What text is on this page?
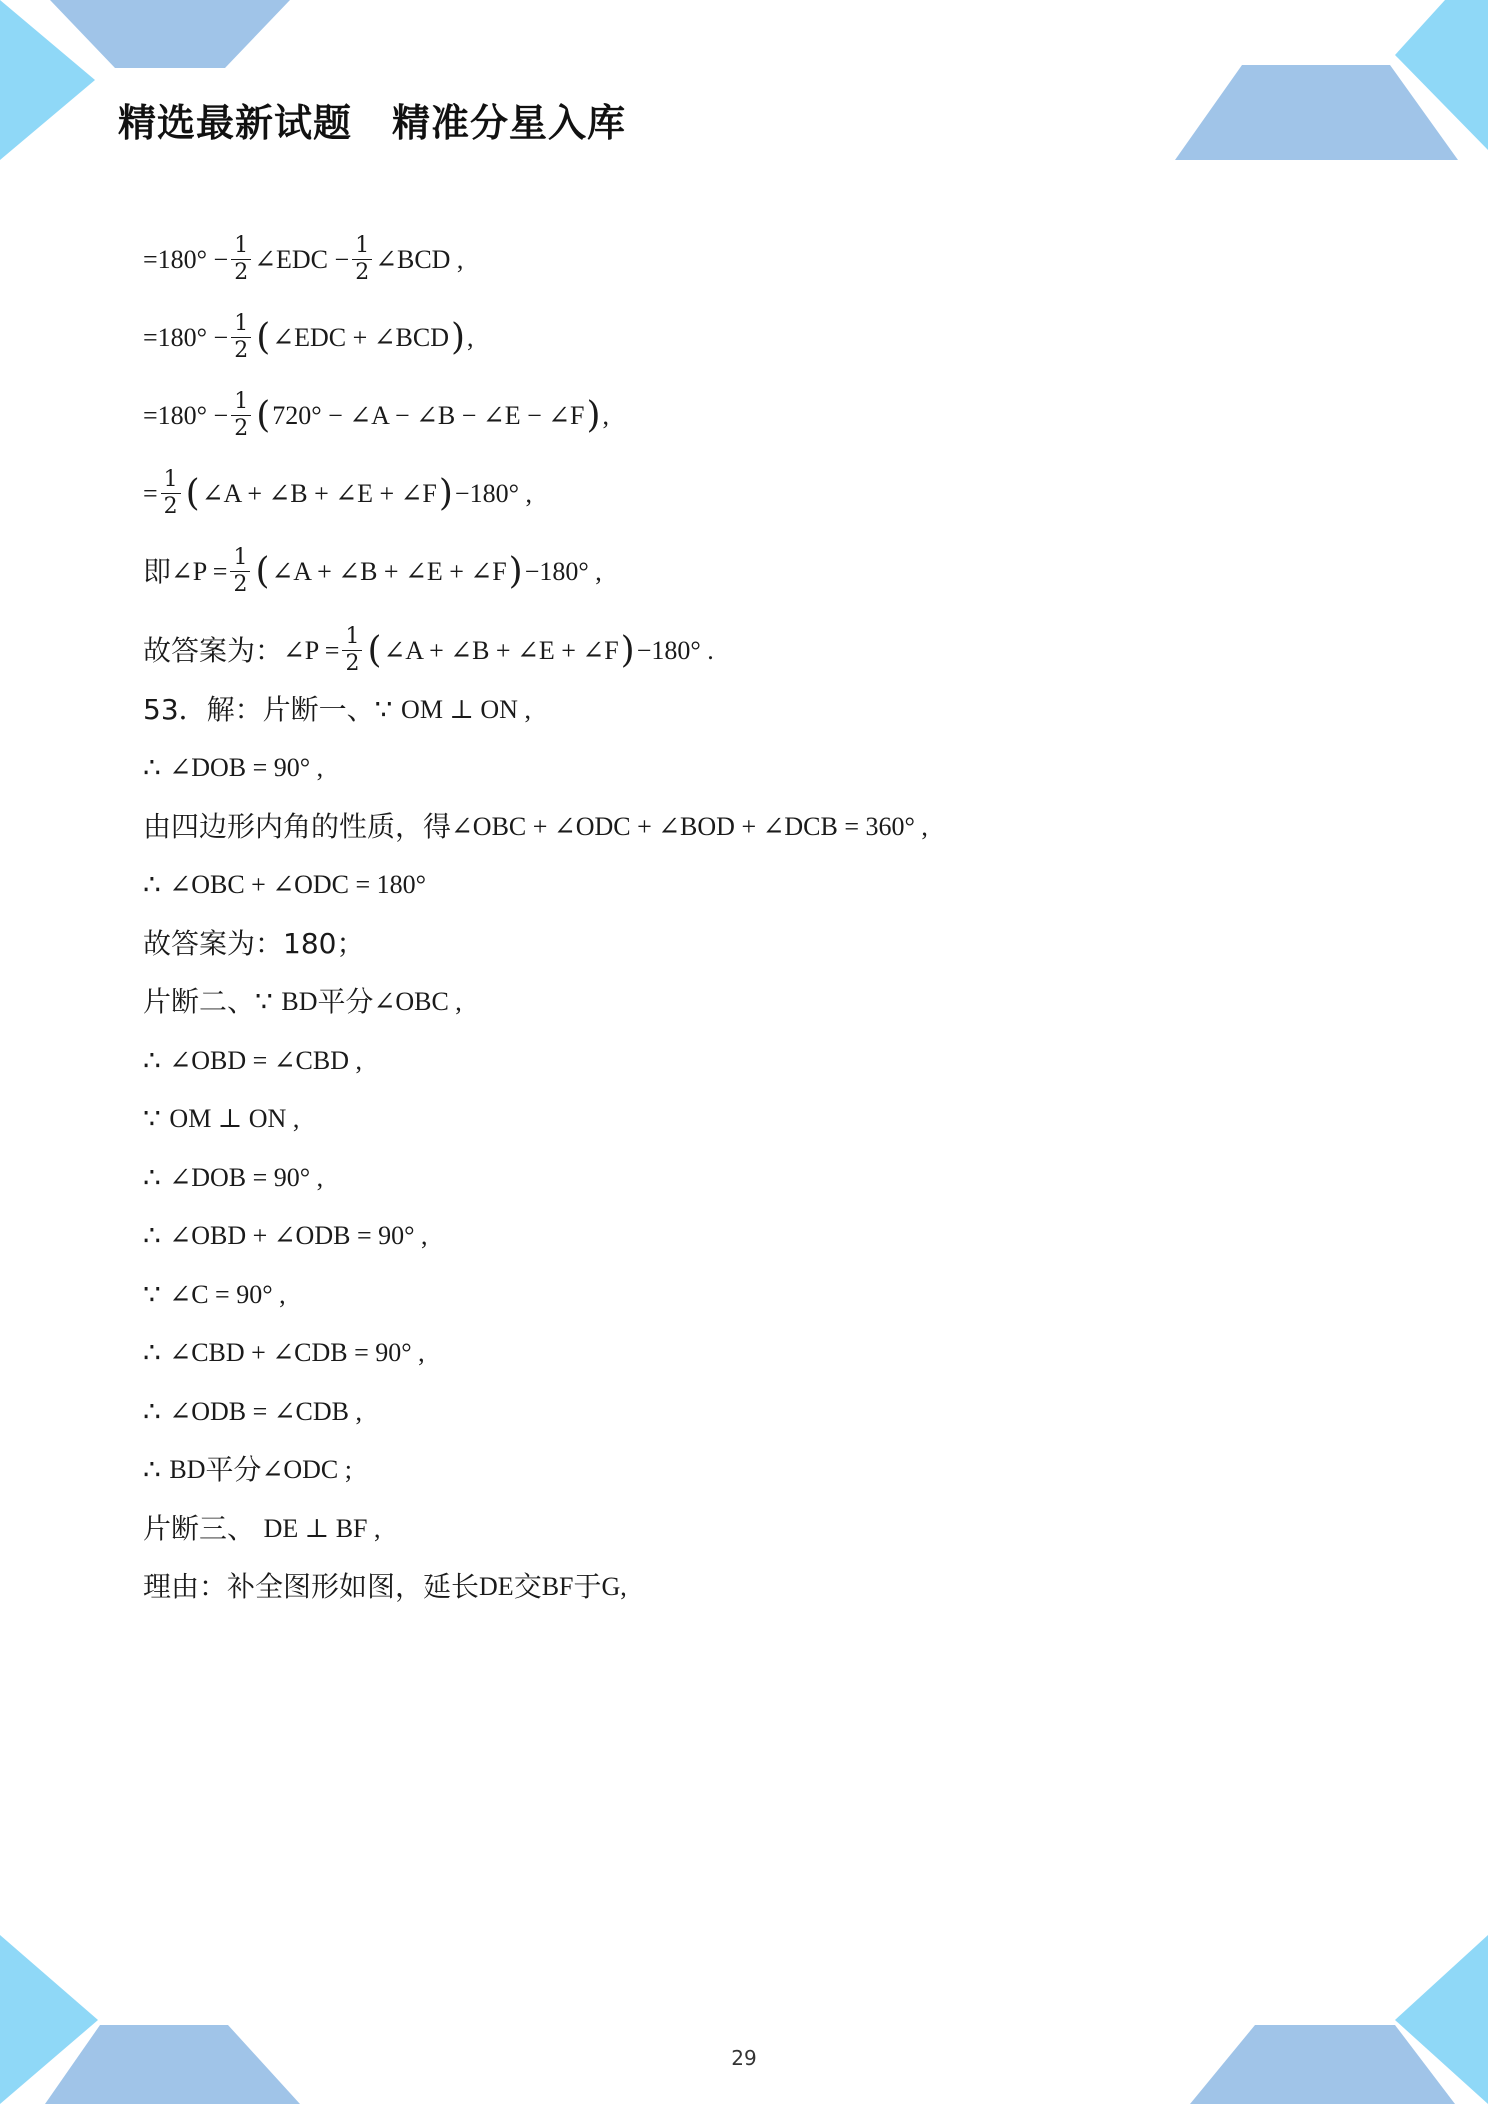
精选最新试题 精准分星入库
$=180^\circ - \frac{1}{2}$ ∠EDC − $\frac{1}{2}$ ∠BCD ,
$=180^\circ - \frac{1}{2}$ ( ∠EDC + ∠BCD ) ,
$=180^\circ - \frac{1}{2}$ ( 720° − ∠A − ∠B − ∠E − ∠F ) ,
= $\frac{1}{2}$ ( ∠A + ∠B + ∠E + ∠F ) −180° ,
即 ∠P = $\frac{1}{2}$ ( ∠A + ∠B + ∠E + ∠F ) −180° ,
故答案为： ∠P = $\frac{1}{2}$ ( ∠A + ∠B + ∠E + ∠F ) −180° .
53．解：片断一、∵
OM ⊥ ON ,
∴
∠DOB = 90° ,
由四边形内角的性质，得 ∠OBC + ∠ODC + ∠BOD + ∠DCB = 360° ,
∴
∠OBC + ∠ODC = 180°
故答案为：180；
片断二、∵
BD 平分 ∠OBC ,
∴
∠OBD = ∠CBD ,
∵
OM ⊥ ON ,
∴
∠DOB = 90° ,
∴
∠OBD + ∠ODB = 90° ,
∵
∠C = 90° ,
∴
∠CBD + ∠CDB = 90° ,
∴
∠ODB = ∠CDB ,
∴
BD 平分 ∠ODC ;
片断三、
DE ⊥ BF ,
理由：补全图形如图，延长 DE 交 BF 于 G,
29
